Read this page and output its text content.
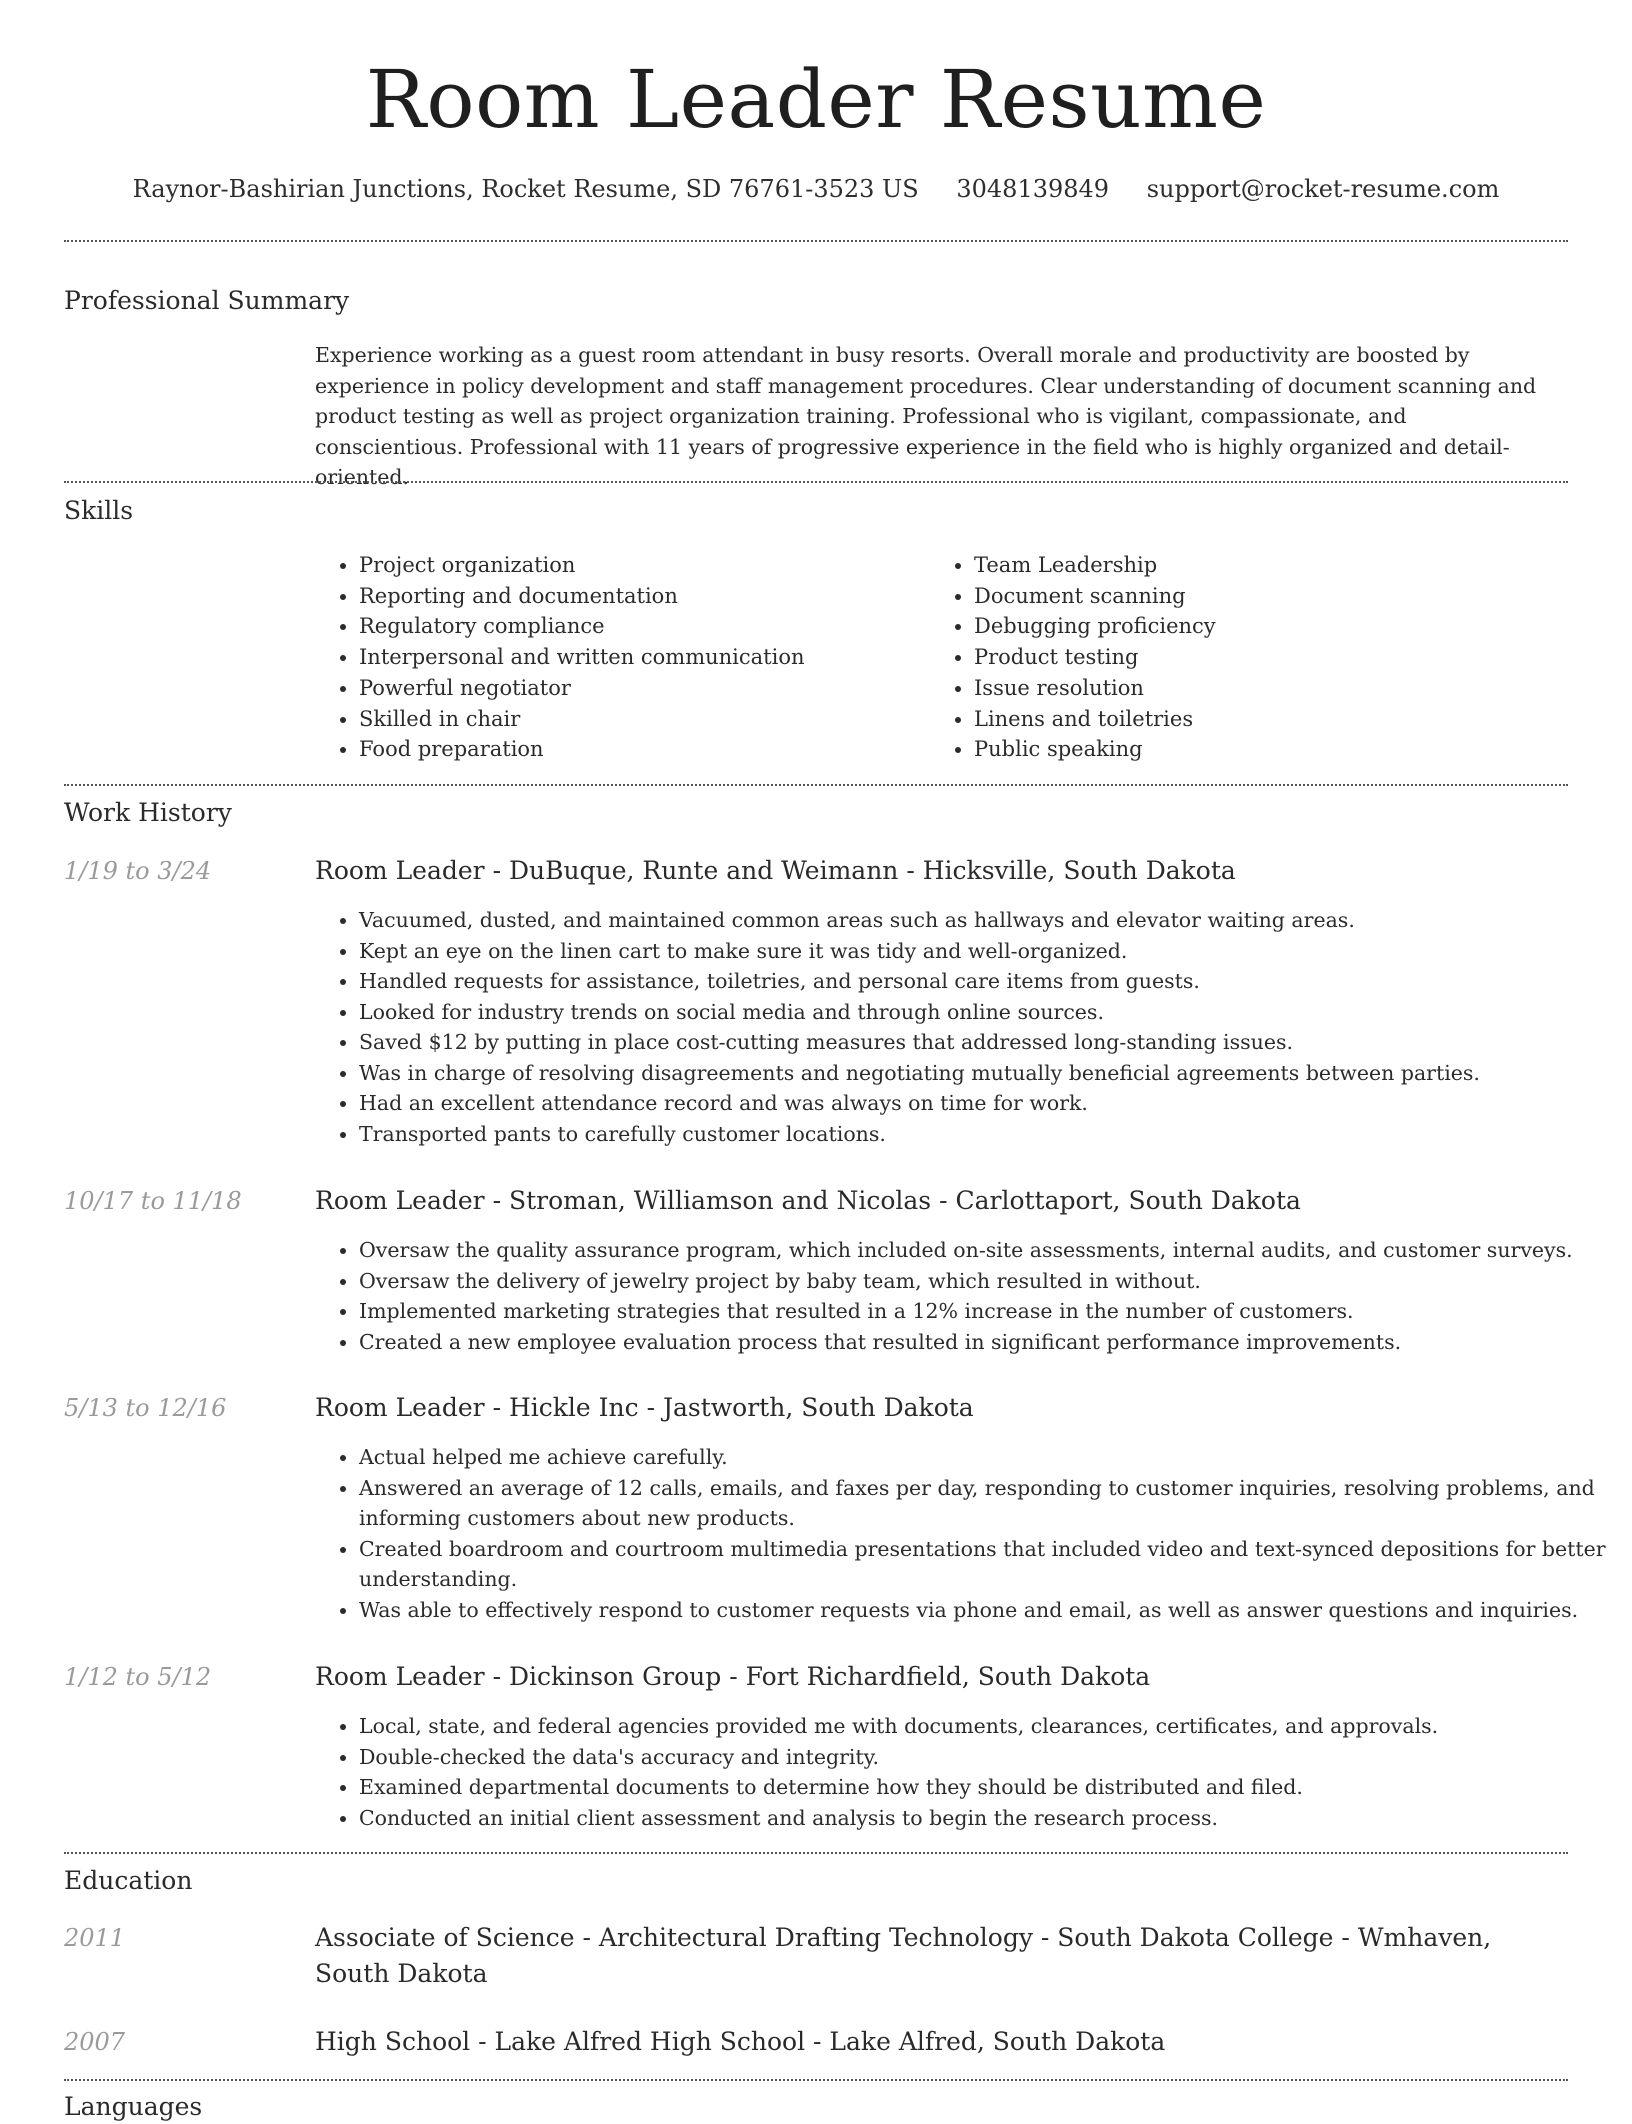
Room Leader Resume
Raynor-Bashirian Junctions, Rocket Resume, SD 76761-3523 US 3048139849 support@rocket-resume.com
Professional Summary
Experience working as a guest room attendant in busy resorts. Overall morale and productivity are boosted by experience in policy development and staff management procedures. Clear understanding of document scanning and product testing as well as project organization training. Professional who is vigilant, compassionate, and conscientious. Professional with 11 years of progressive experience in the field who is highly organized and detail-oriented.
Skills
• Project organization
• Reporting and documentation
• Regulatory compliance
• Interpersonal and written communication
• Powerful negotiator
• Skilled in chair
• Food preparation
• Team Leadership
• Document scanning
• Debugging proficiency
• Product testing
• Issue resolution
• Linens and toiletries
• Public speaking
Work History
1/19 to 3/24	Room Leader - DuBuque, Runte and Weimann - Hicksville, South Dakota
• Vacuumed, dusted, and maintained common areas such as hallways and elevator waiting areas.
• Kept an eye on the linen cart to make sure it was tidy and well-organized.
• Handled requests for assistance, toiletries, and personal care items from guests.
• Looked for industry trends on social media and through online sources.
• Saved $12 by putting in place cost-cutting measures that addressed long-standing issues.
• Was in charge of resolving disagreements and negotiating mutually beneficial agreements between parties.
• Had an excellent attendance record and was always on time for work.
• Transported pants to carefully customer locations.
10/17 to 11/18	Room Leader - Stroman, Williamson and Nicolas - Carlottaport, South Dakota
• Oversaw the quality assurance program, which included on-site assessments, internal audits, and customer surveys.
• Oversaw the delivery of jewelry project by baby team, which resulted in without.
• Implemented marketing strategies that resulted in a 12% increase in the number of customers.
• Created a new employee evaluation process that resulted in significant performance improvements.
5/13 to 12/16	Room Leader - Hickle Inc - Jastworth, South Dakota
• Actual helped me achieve carefully.
• Answered an average of 12 calls, emails, and faxes per day, responding to customer inquiries, resolving problems, and informing customers about new products.
• Created boardroom and courtroom multimedia presentations that included video and text-synced depositions for better understanding.
• Was able to effectively respond to customer requests via phone and email, as well as answer questions and inquiries.
1/12 to 5/12	Room Leader - Dickinson Group - Fort Richardfield, South Dakota
• Local, state, and federal agencies provided me with documents, clearances, certificates, and approvals.
• Double-checked the data's accuracy and integrity.
• Examined departmental documents to determine how they should be distributed and filed.
• Conducted an initial client assessment and analysis to begin the research process.
Education
2011	Associate of Science - Architectural Drafting Technology - South Dakota College - Wmhaven, South Dakota
2007	High School - Lake Alfred High School - Lake Alfred, South Dakota
Languages
